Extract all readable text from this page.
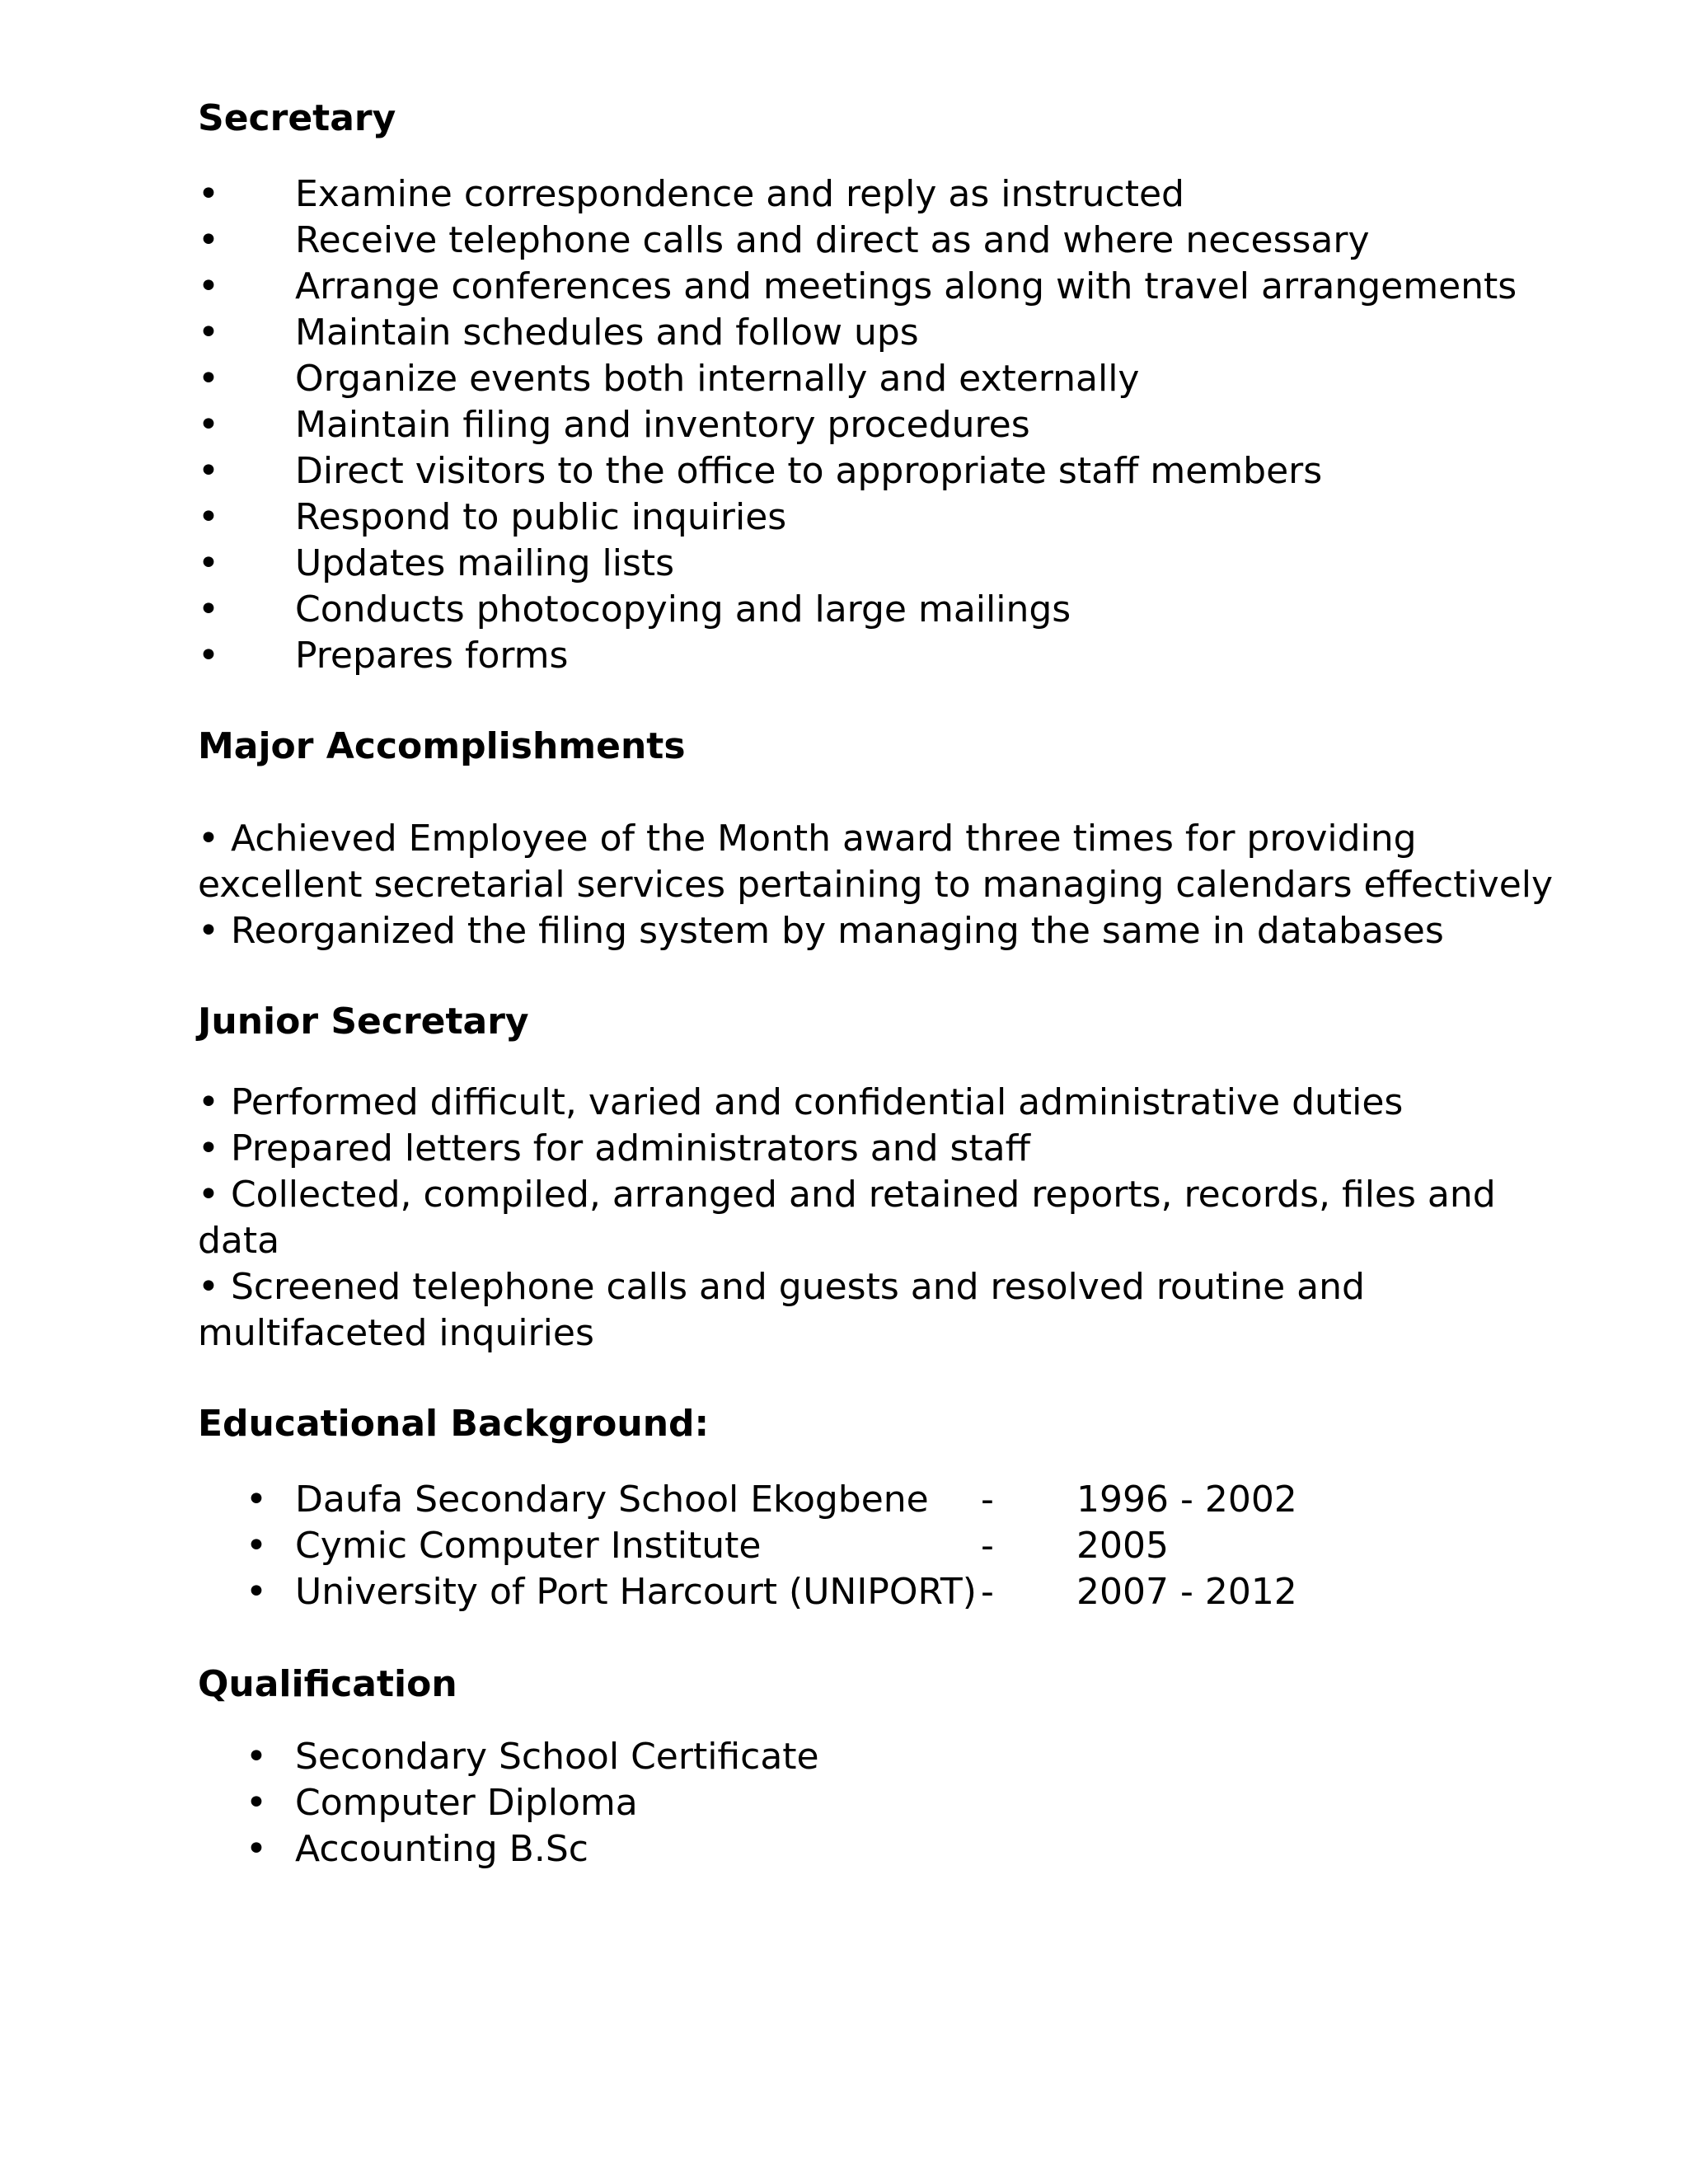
Secretary
•	Examine correspondence and reply as instructed
•	Receive telephone calls and direct as and where necessary
•	Arrange conferences and meetings along with travel arrangements
•	Maintain schedules and follow ups
•	Organize events both internally and externally
•	Maintain filing and inventory procedures
•	Direct visitors to the office to appropriate staff members
•	Respond to public inquiries
•	Updates mailing lists
•	Conducts photocopying and large mailings
•	Prepares forms
Major Accomplishments
• Achieved Employee of the Month award three times for providing
excellent secretarial services pertaining to managing calendars effectively
• Reorganized the filing system by managing the same in databases
Junior Secretary
• Performed difficult, varied and confidential administrative duties
• Prepared letters for administrators and staff
• Collected, compiled, arranged and retained reports, records, files and
data
• Screened telephone calls and guests and resolved routine and
multifaceted inquiries
Educational Background:
• Daufa Secondary School Ekogbene - 1996 - 2002
• Cymic Computer Institute	- 2005
• University of Port Harcourt (UNIPORT) - 2007 - 2012
Qualification
• Secondary School Certificate
• Computer Diploma
• Accounting B.Sc
